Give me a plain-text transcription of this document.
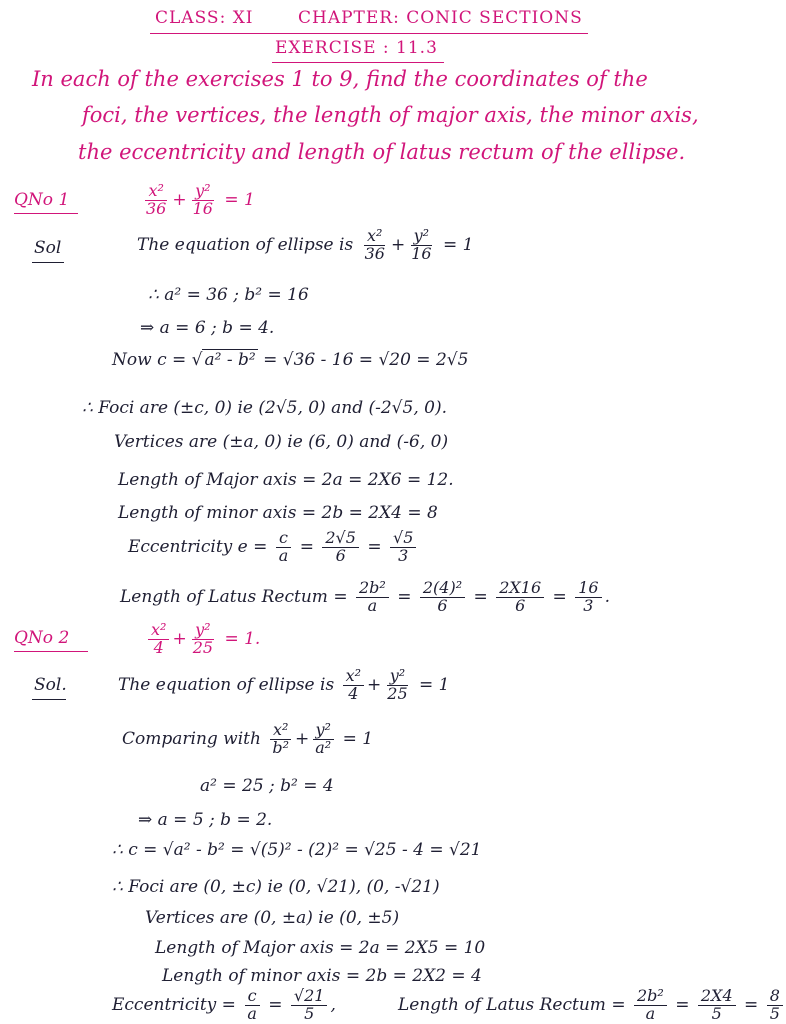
CLASS: XI	CHAPTER: CONIC SECTIONS
EXERCISE : 11.3
In each of the exercises 1 to 9, find the coordinates of the
foci, the vertices, the length of major axis, the minor axis,
the eccentricity and length of latus rectum of the ellipse.
QNo 1	$\frac{\text{x²}}{36} + \frac{\text{y²}}{16} = 1$
Sol	The equation of ellipse is $\frac{\text{x²}}{36} + \frac{\text{y²}}{16} = 1$
∴ a² = 36 ; b² = 16
⇒ a = 6 ; b = 4.
Now c = √ a² - b² = √36 - 16 = √20 = 2√5
∴ Foci are (±c, 0) ie (2√5, 0) and (-2√5, 0).
Vertices are (±a, 0) ie (6, 0) and (-6, 0)
Length of Major axis = 2a = 2X6 = 12.
Length of minor axis = 2b = 2X4 = 8
Eccentricity $e = \frac{c}{a} = \frac{2√5}{6} = \frac{√5}{3}$
Length of Latus Rectum = $\frac{\text{2b²}}{a} = \frac{\text{2(4)²}}{6} = \frac{2X16}{6} = \frac{16}{3}$ .
QNo 2	$\frac{\text{x²}}{4} + \frac{\text{y²}}{25} = 1$.
Sol.	The equation of ellipse is $\frac{\text{x²}}{4} + \frac{\text{y²}}{25} = 1$
Comparing with $\frac{\text{x²}}{\text{b²}} + \frac{\text{y²}}{\text{a²}} = 1$
a² = 25 ; b² = 4
⇒ a = 5 ; b = 2.
∴ c = √a² - b² = √(5)² - (2)² = √25 - 4 = √21
∴ Foci are (0, ±c) ie (0, √21), (0, -√21)
Vertices are (0, ±a) ie (0, ±5)
Length of Major axis = 2a = 2X5 = 10
Length of minor axis = 2b = 2X2 = 4
Eccentricity = $\frac{c}{a} = \frac{√21}{5}$ ,	Length of Latus Rectum = $\frac{\text{2b²}}{a} = \frac{2X4}{5} = \frac{8}{5}$
